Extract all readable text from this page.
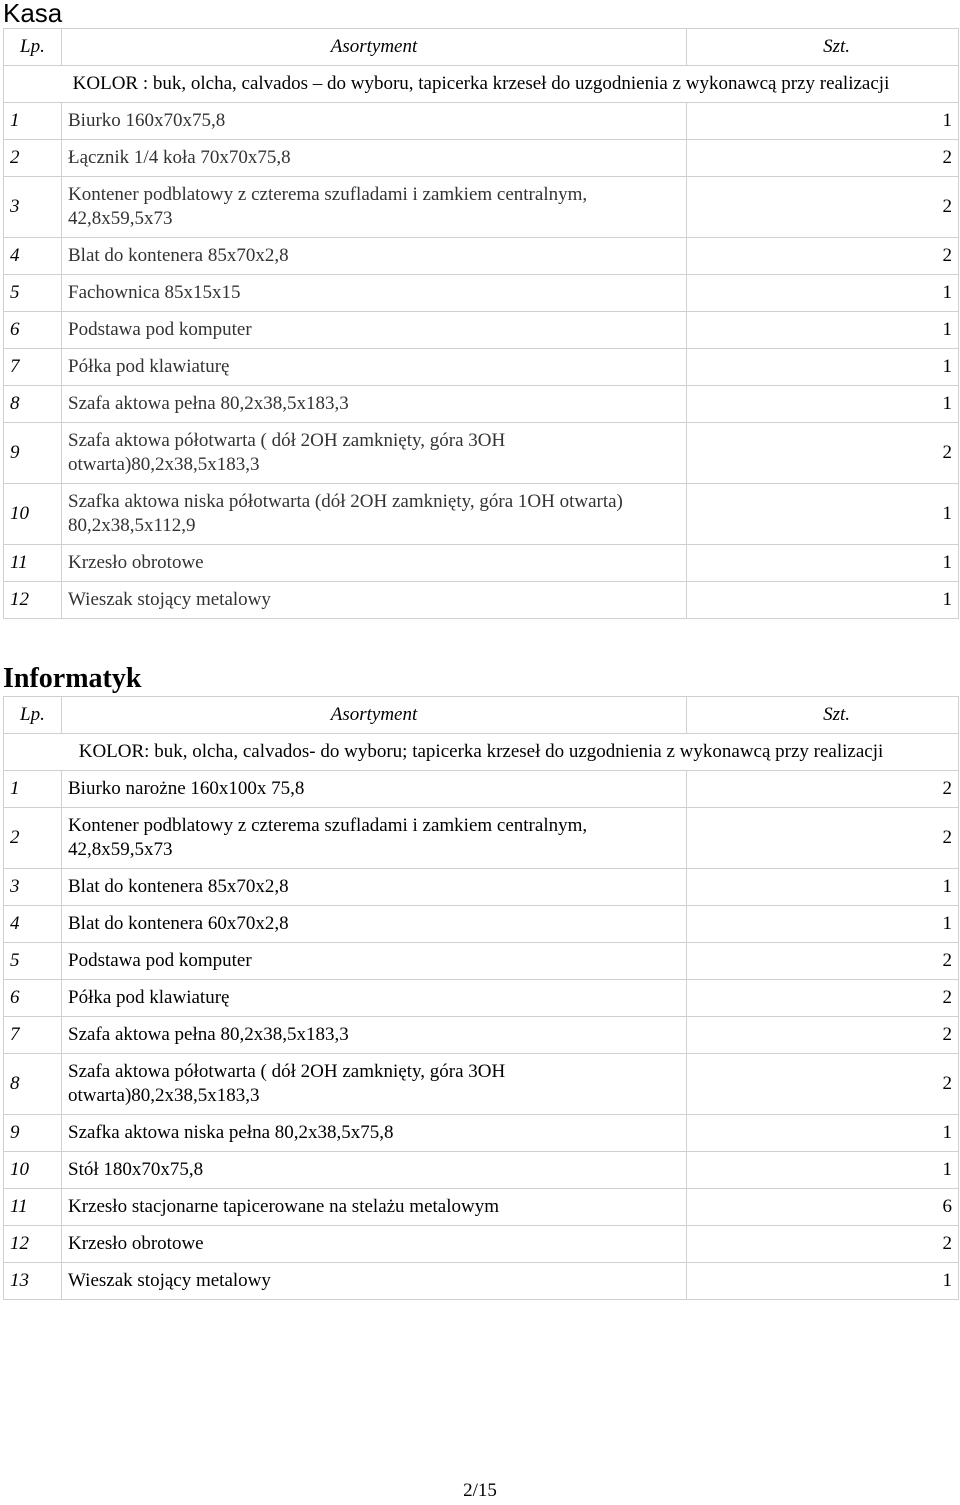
Kasa
Lp.	Asortyment	Szt.
KOLOR : buk, olcha, calvados – do wyboru, tapicerka krzeseł do uzgodnienia z wykonawcą przy realizacji		
1	Biurko 160x70x75,8	1
2	Łącznik 1/4 koła 70x70x75,8	2
3	Kontener podblatowy z czterema szufladami i zamkiem centralnym, 42,8x59,5x73	2
4	Blat do kontenera 85x70x2,8	2
5	Fachownica 85x15x15	1
6	Podstawa pod komputer	1
7	Półka pod klawiaturę	1
8	Szafa aktowa pełna 80,2x38,5x183,3	1
9	Szafa aktowa półotwarta ( dół 2OH zamknięty, góra 3OH otwarta)80,2x38,5x183,3	2
10	Szafka aktowa niska półotwarta (dół 2OH zamknięty, góra 1OH otwarta) 80,2x38,5x112,9	1
11	Krzesło obrotowe	1
12	Wieszak stojący metalowy	1
Informatyk
Lp.	Asortyment	Szt.
KOLOR: buk, olcha, calvados- do wyboru; tapicerka krzeseł do uzgodnienia z wykonawcą przy realizacji		
1	Biurko narożne 160x100x 75,8	2
2	Kontener podblatowy z czterema szufladami i zamkiem centralnym, 42,8x59,5x73	2
3	Blat do kontenera 85x70x2,8	1
4	Blat do kontenera 60x70x2,8	1
5	Podstawa pod komputer	2
6	Półka pod klawiaturę	2
7	Szafa aktowa pełna 80,2x38,5x183,3	2
8	Szafa aktowa półotwarta ( dół 2OH zamknięty, góra 3OH otwarta)80,2x38,5x183,3	2
9	Szafka aktowa niska pełna 80,2x38,5x75,8	1
10	Stół 180x70x75,8	1
11	Krzesło stacjonarne tapicerowane na stelażu metalowym	6
12	Krzesło obrotowe	2
13	Wieszak stojący metalowy	1
2/15
